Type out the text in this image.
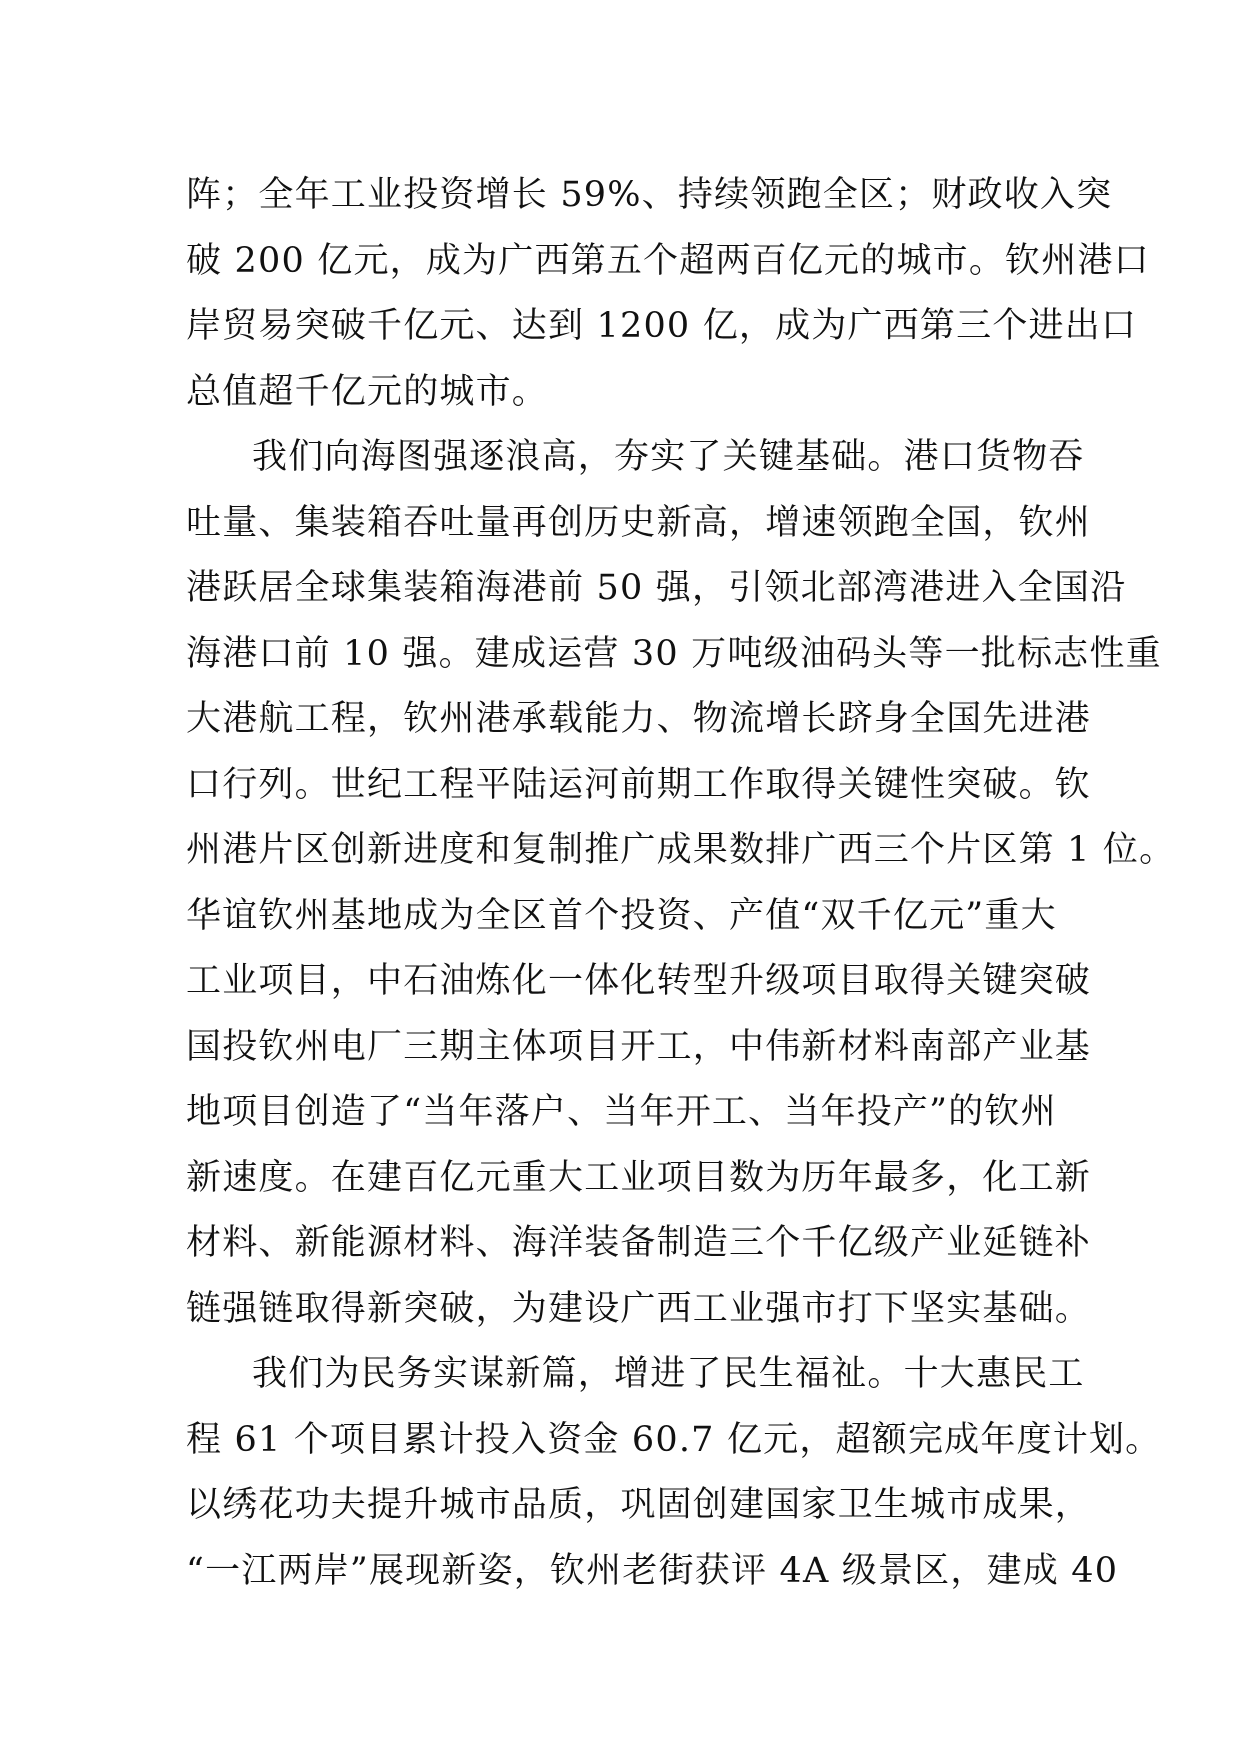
阵；全年工业投资增长 59%、持续领跑全区；财政收入突
破 200 亿元，成为广西第五个超两百亿元的城市。钦州港口
岸贸易突破千亿元、达到 1200 亿，成为广西第三个进出口
总值超千亿元的城市。
我们向海图强逐浪高，夯实了关键基础。港口货物吞
吐量、集装箱吞吐量再创历史新高，增速领跑全国，钦州
港跃居全球集装箱海港前 50 强，引领北部湾港进入全国沿
海港口前 10 强。建成运营 30 万吨级油码头等一批标志性重
大港航工程，钦州港承载能力、物流增长跻身全国先进港
口行列。世纪工程平陆运河前期工作取得关键性突破。钦
州港片区创新进度和复制推广成果数排广西三个片区第 1 位。
华谊钦州基地成为全区首个投资、产值“双千亿元”重大
工业项目，中石油炼化一体化转型升级项目取得关键突破
国投钦州电厂三期主体项目开工，中伟新材料南部产业基
地项目创造了“当年落户、当年开工、当年投产”的钦州
新速度。在建百亿元重大工业项目数为历年最多，化工新
材料、新能源材料、海洋装备制造三个千亿级产业延链补
链强链取得新突破，为建设广西工业强市打下坚实基础。
我们为民务实谋新篇，增进了民生福祉。十大惠民工
程 61 个项目累计投入资金 60.7 亿元，超额完成年度计划。
以绣花功夫提升城市品质，巩固创建国家卫生城市成果，
“一江两岸”展现新姿，钦州老街获评 4A 级景区，建成 40
